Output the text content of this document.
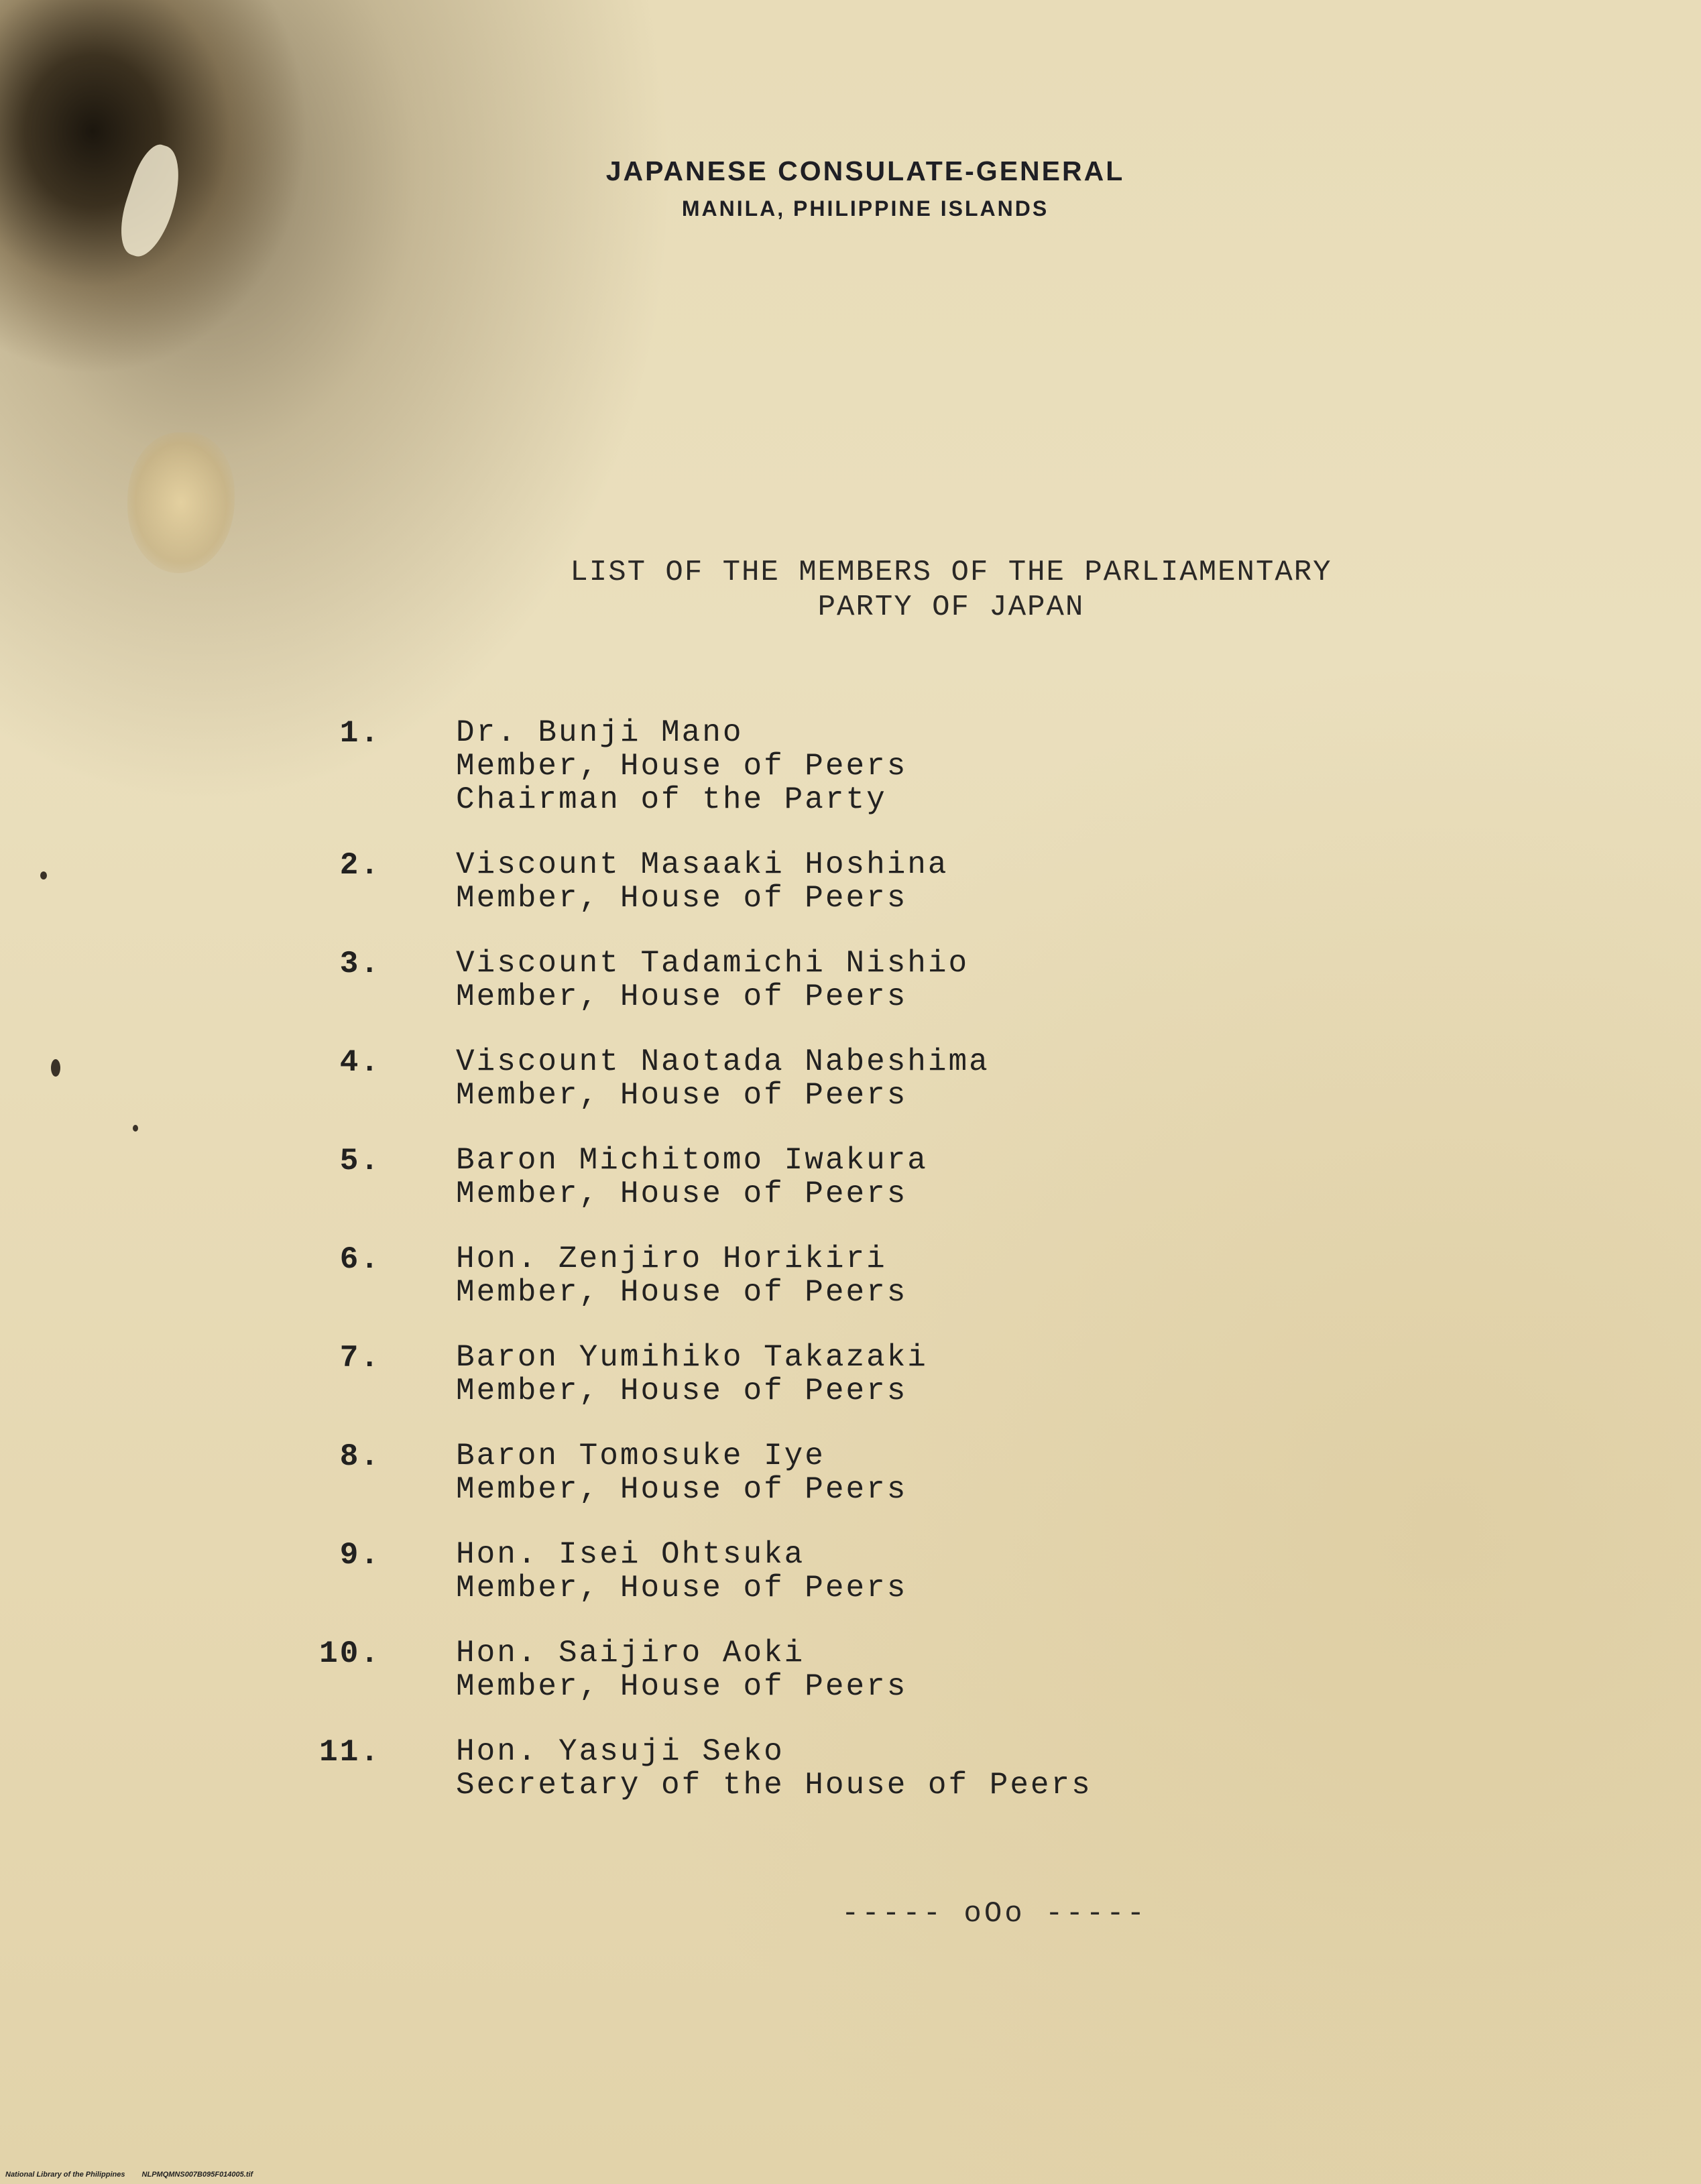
JAPANESE CONSULATE-GENERAL
MANILA, PHILIPPINE ISLANDS
LIST OF THE MEMBERS OF THE PARLIAMENTARY
PARTY OF JAPAN
1. Dr. Bunji Mano
Member, House of Peers
Chairman of the Party
2. Viscount Masaaki Hoshina
Member, House of Peers
3. Viscount Tadamichi Nishio
Member, House of Peers
4. Viscount Naotada Nabeshima
Member, House of Peers
5. Baron Michitomo Iwakura
Member, House of Peers
6. Hon. Zenjiro Horikiri
Member, House of Peers
7. Baron Yumihiko Takazaki
Member, House of Peers
8. Baron Tomosuke Iye
Member, House of Peers
9. Hon. Isei Ohtsuka
Member, House of Peers
10. Hon. Saijiro Aoki
Member, House of Peers
11. Hon. Yasuji Seko
Secretary of the House of Peers
----- oOo -----
National Library of the Philippines NLPMQMNS007B095F014005.tif
